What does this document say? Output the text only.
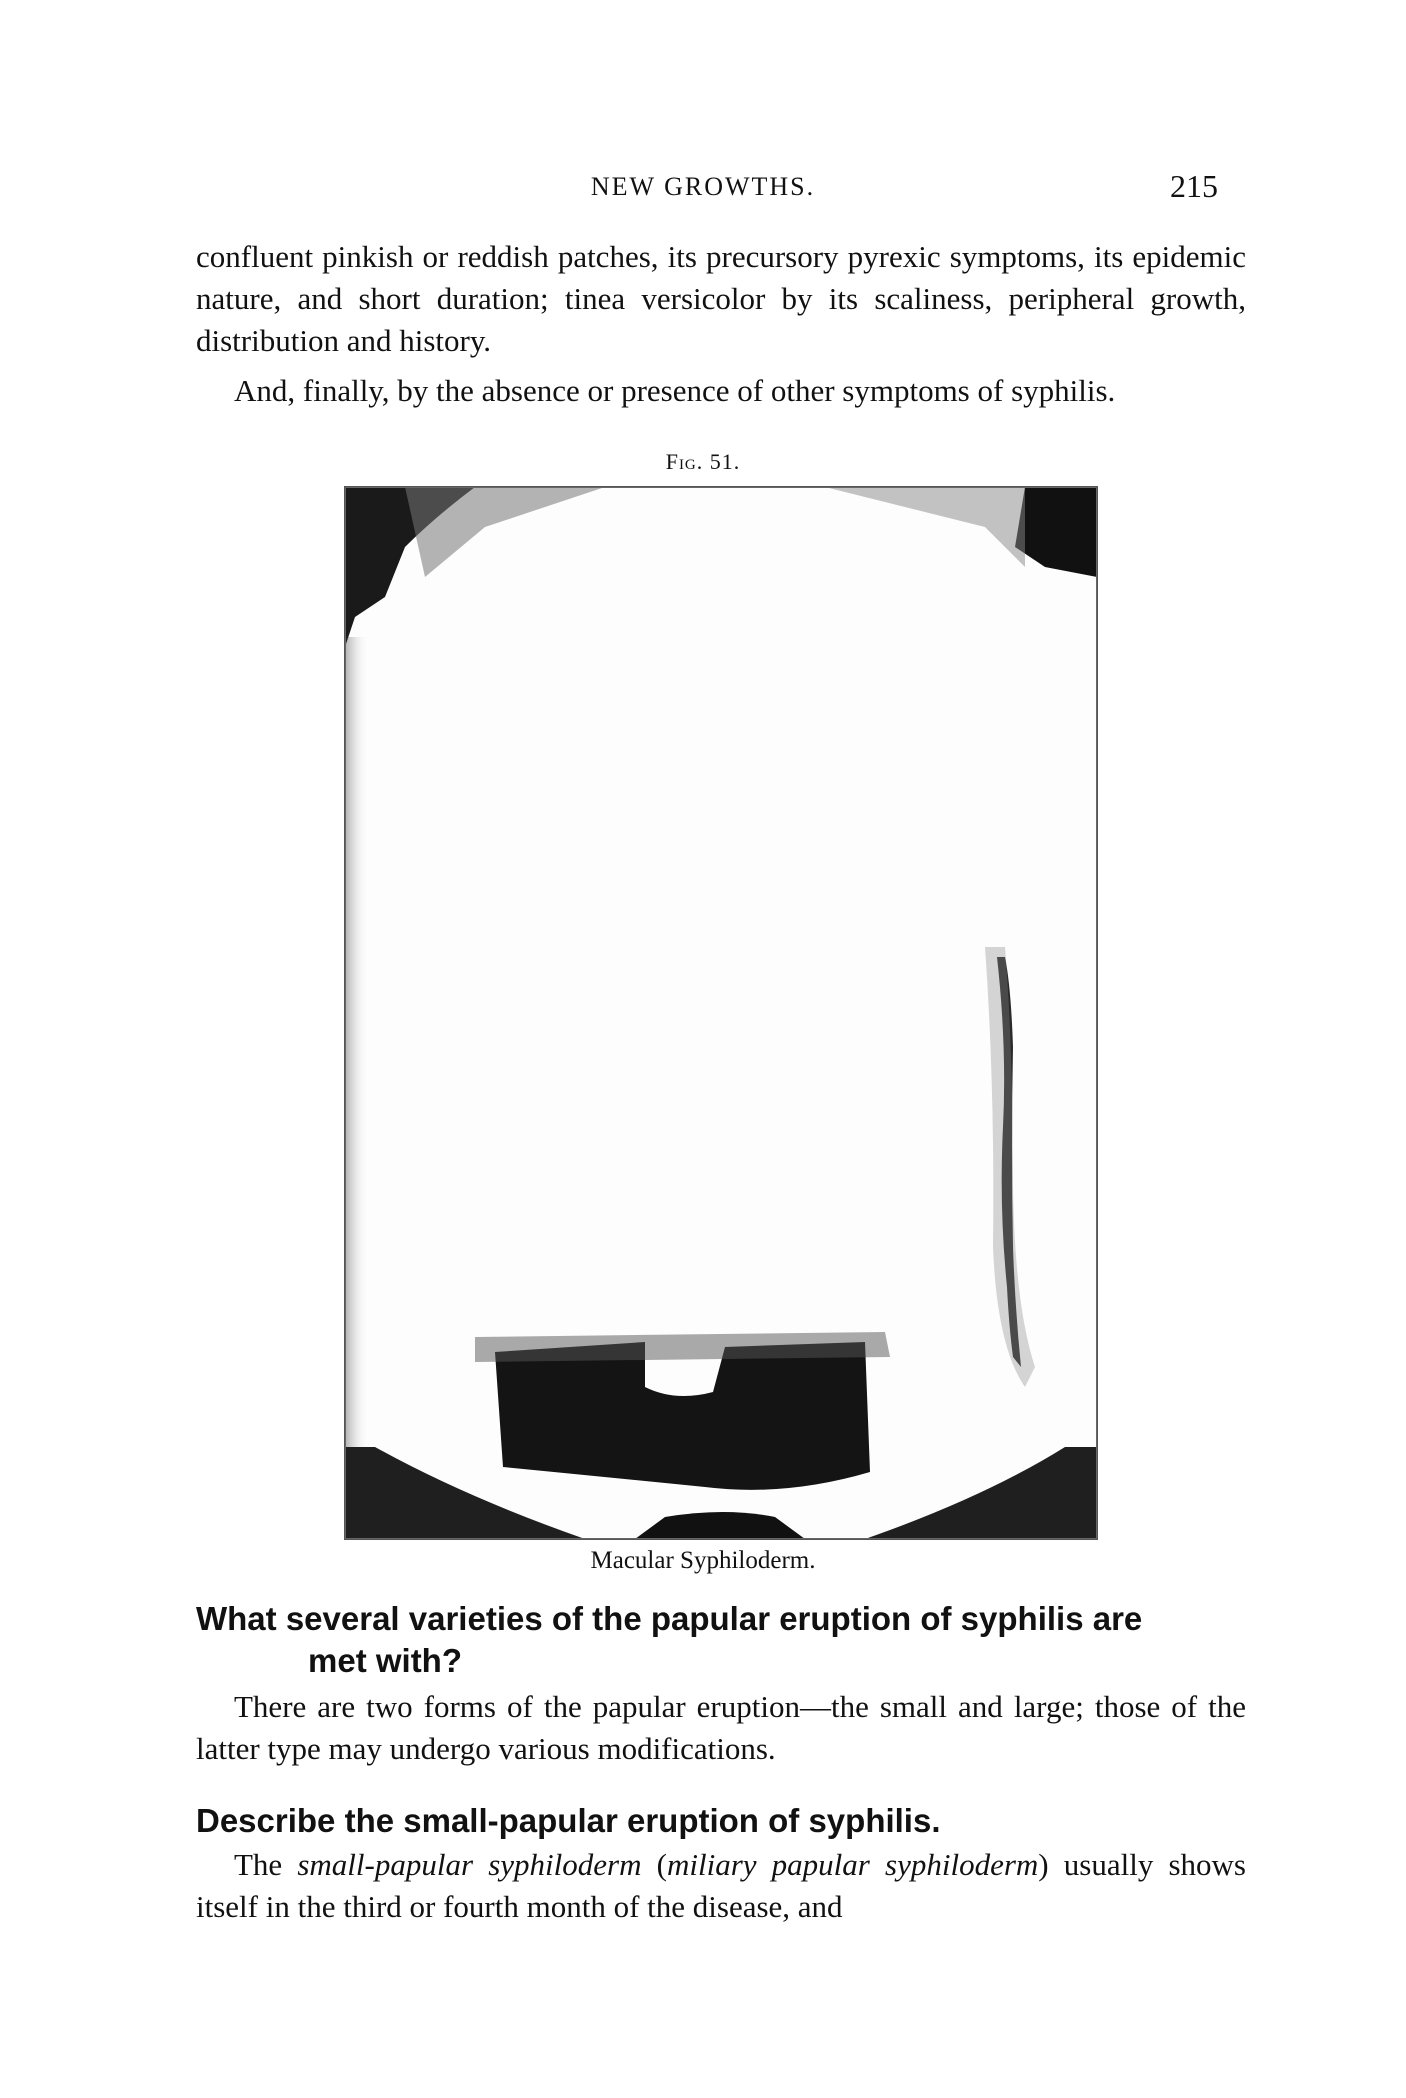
NEW GROWTHS.	215

confluent pinkish or reddish patches, its precursory pyrexic symptoms, its epidemic nature, and short duration; tinea versicolor by its scaliness, peripheral growth, distribution and history.

And, finally, by the absence or presence of other symptoms of syphilis.

Fig. 51.
Macular Syphiloderm.
What several varieties of the papular eruption of syphilis are
met with?

There are two forms of the papular eruption—the small and large; those of the latter type may undergo various modifications.

Describe the small-papular eruption of syphilis.

The small-papular syphiloderm (miliary papular syphiloderm) usually shows itself in the third or fourth month of the disease, and
